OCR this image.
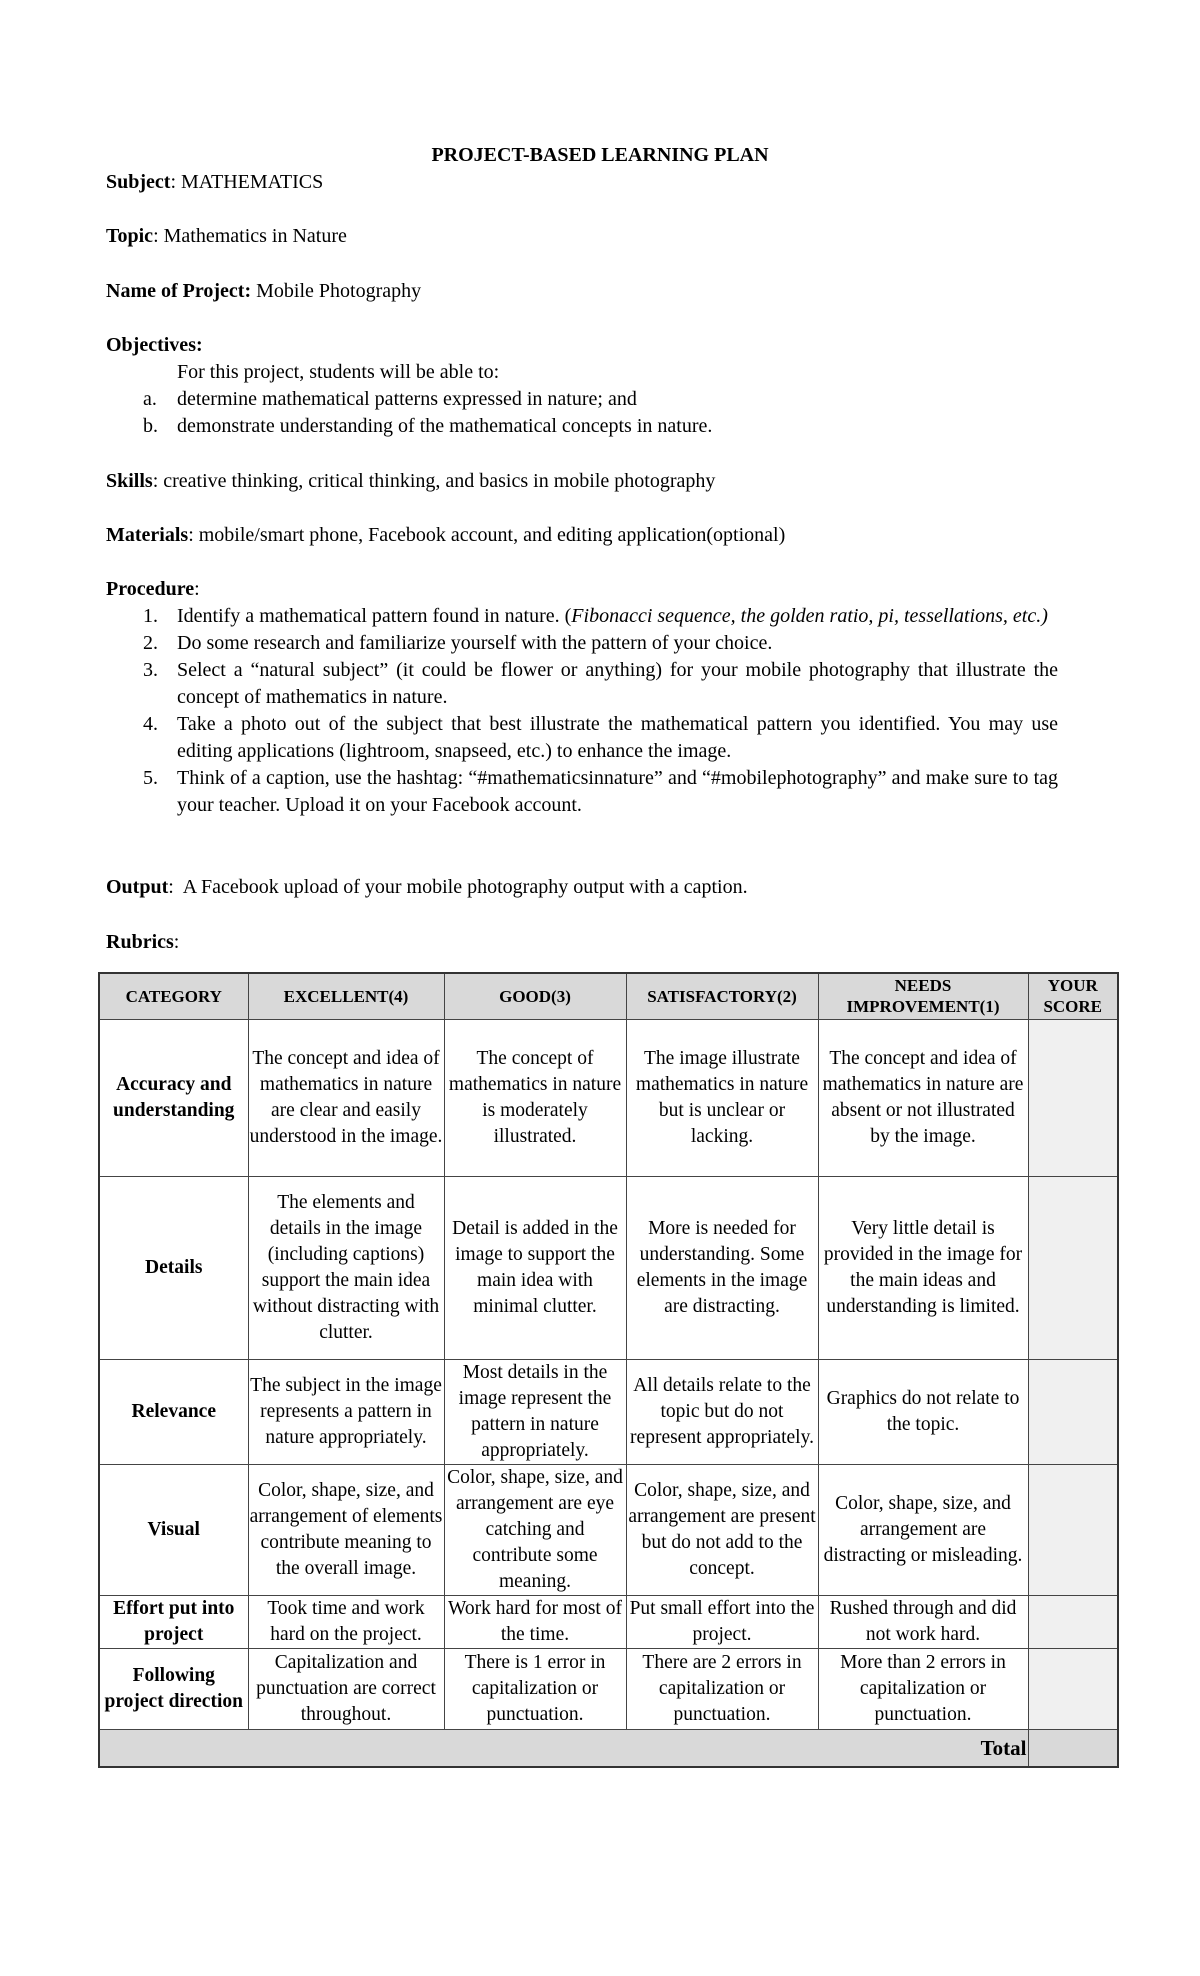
PROJECT-BASED LEARNING PLAN
Subject: MATHEMATICS
Topic: Mathematics in Nature
Name of Project: Mobile Photography
Objectives:
For this project, students will be able to:
a. determine mathematical patterns expressed in nature; and
b. demonstrate understanding of the mathematical concepts in nature.
Skills: creative thinking, critical thinking, and basics in mobile photography
Materials: mobile/smart phone, Facebook account, and editing application(optional)
Procedure:
1. Identify a mathematical pattern found in nature. (Fibonacci sequence, the golden ratio, pi, tessellations, etc.)
2. Do some research and familiarize yourself with the pattern of your choice.
3. Select a “natural subject” (it could be flower or anything) for your mobile photography that illustrate the concept of mathematics in nature.
4. Take a photo out of the subject that best illustrate the mathematical pattern you identified. You may use editing applications (lightroom, snapseed, etc.) to enhance the image.
5. Think of a caption, use the hashtag: “#mathematicsinnature” and “#mobilephotography” and make sure to tag your teacher. Upload it on your Facebook account.
Output:  A Facebook upload of your mobile photography output with a caption.
Rubrics:
CATEGORY	EXCELLENT(4)	GOOD(3)	SATISFACTORY(2)	NEEDS IMPROVEMENT(1)	YOUR SCORE
Accuracy and understanding	The concept and idea of mathematics in nature are clear and easily understood in the image.	The concept of mathematics in nature is moderately illustrated.	The image illustrate mathematics in nature but is unclear or lacking.	The concept and idea of mathematics in nature are absent or not illustrated by the image.	
Details	The elements and details in the image (including captions) support the main idea without distracting with clutter.	Detail is added in the image to support the main idea with minimal clutter.	More is needed for understanding. Some elements in the image are distracting.	Very little detail is provided in the image for the main ideas and understanding is limited.	
Relevance	The subject in the image represents a pattern in nature appropriately.	Most details in the image represent the pattern in nature appropriately.	All details relate to the topic but do not represent appropriately.	Graphics do not relate to the topic.	
Visual	Color, shape, size, and arrangement of elements contribute meaning to the overall image.	Color, shape, size, and arrangement are eye catching and contribute some meaning.	Color, shape, size, and arrangement are present but do not add to the concept.	Color, shape, size, and arrangement are distracting or misleading.	
Effort put into project	Took time and work hard on the project.	Work hard for most of the time.	Put small effort into the project.	Rushed through and did not work hard.	
Following project direction	Capitalization and punctuation are correct throughout.	There is 1 error in capitalization or punctuation.	There are 2 errors in capitalization or punctuation.	More than 2 errors in capitalization or punctuation.	
Total					
